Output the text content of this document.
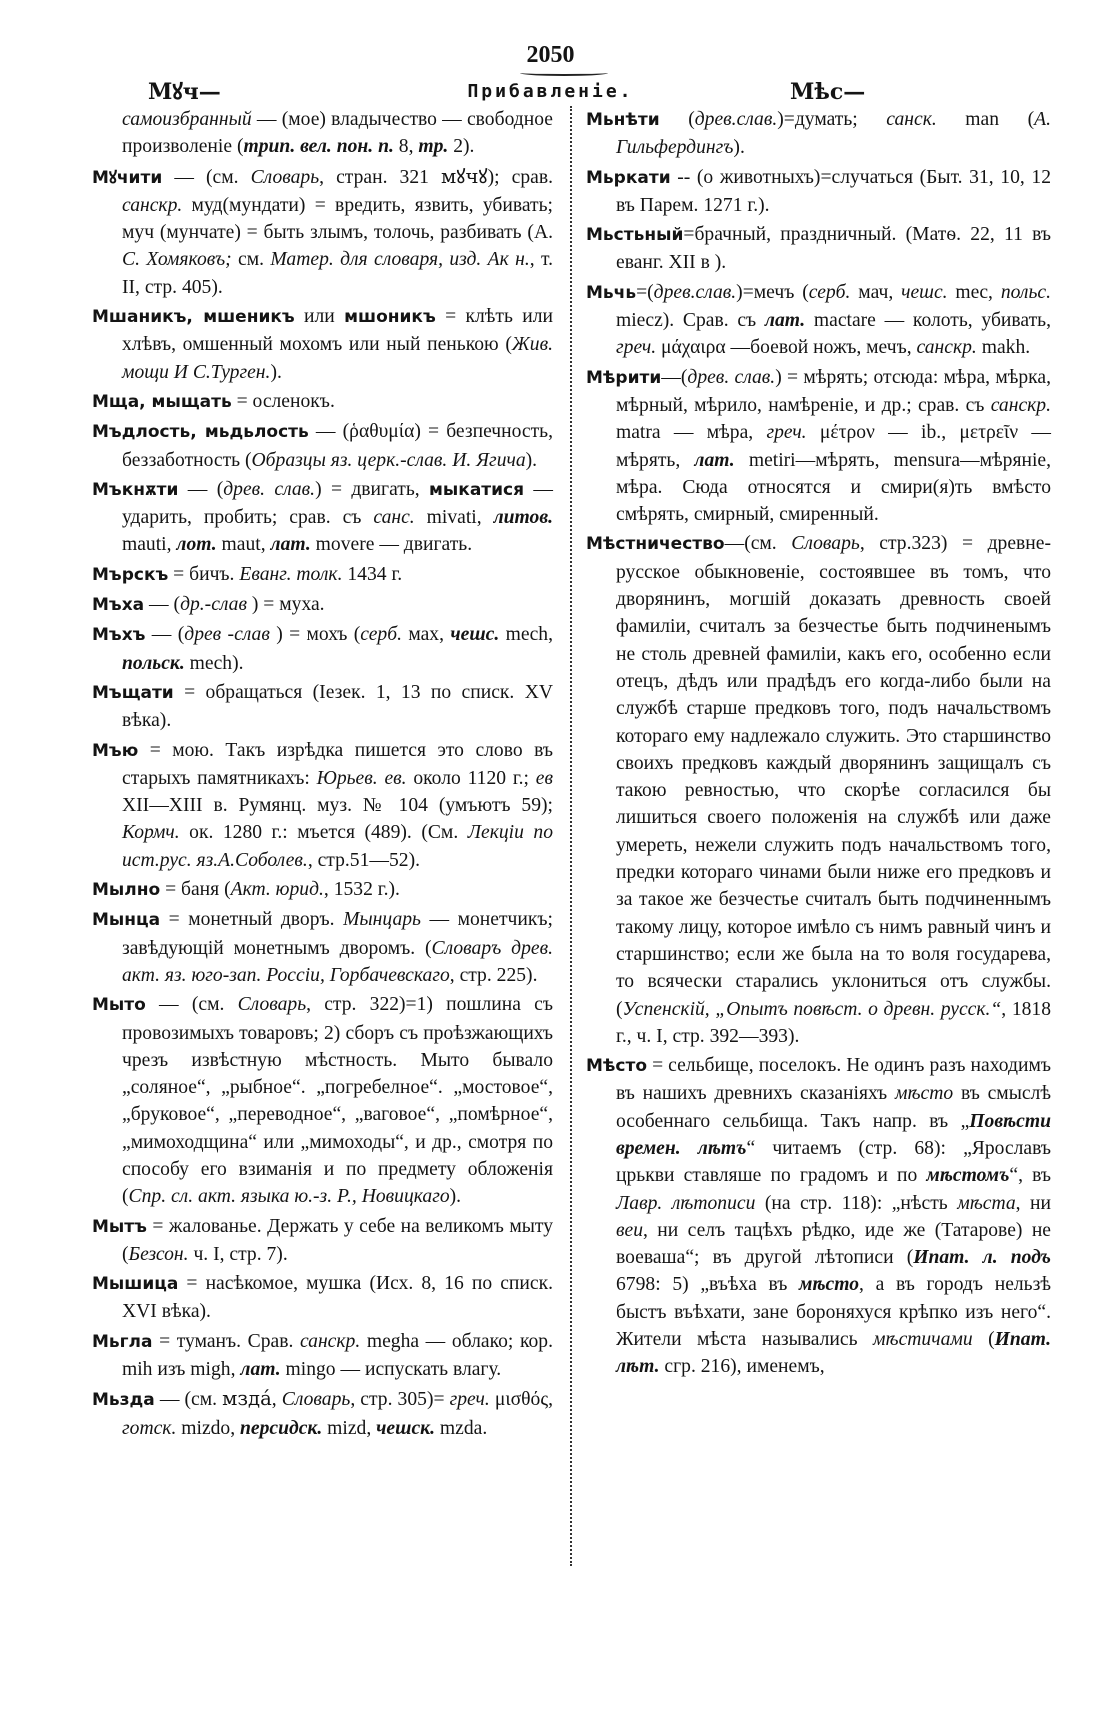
2050
Мꙋч—	Прибавленіе.	Мѣс—

самоизбранный — (мое) владычество — свободное произволеніе (трип. вел. пон. п. 8, тр. 2).

Мꙋчити — (см. Словарь, стран. 321 мꙋчꙋ); срав. санскр. муд(мундати) = вредить, язвить, убивать; муч (мунчате) = быть злымъ, толочь, разбивать (А. С. Хомяковъ; см. Матер. для словаря, изд. Ак н., т. II, стр. 405).

Мшаникъ, мшеникъ или мшоникъ = клѣть или хлѣвъ, омшенный мохомъ или ный пенькою (Жив. мощи И С.Тургeн.).

Мщa, мыщать = осленокъ.

Мъдлость, мьдьлость — (ῥαθυμία) = безпечность, беззаботность (Образцы яз. церк.-слав. И. Ягича).

Мъкнѫти — (древ. слав.) = двигать, мыкатися — ударить, пробить; срав. съ санс. mivati, литов. mauti, лот. maut, лат. movere — двигать.

Мърскъ = бичъ. Еванг. толк. 1434 г.

Мъха — (др.-слав ) = муха.

Мъхъ — (древ -слав ) = мохъ (серб. мах, чешс. mech, польск. mech).

Мъщати = обращаться (Іезек. 1, 13 по списк. XV вѣка).

Мъю = мою. Такъ изрѣдка пишется это слово въ старыхъ памятникахъ: Юрьев. ев. около 1120 г.; ев XII—XIII в. Румянц. муз. № 104 (умъютъ 59); Кормч. ок. 1280 г.: мъется (489). (См. Лекціи по ист.рус. яз.А.Соболев., стр.51—52).

Мылно = баня (Акт. юрид., 1532 г.).

Мынца = монетный дворъ. Мынцарь — монетчикъ; завѣдующій монетнымъ дворомъ. (Словаръ древ. акт. яз. юго-зап. Россіи, Горбачевскаго, стр. 225).

Мыто — (см. Словарь, стр. 322)=1) пошлина съ провозимыхъ товаровъ; 2) сборъ съ проѣзжающихъ чрезъ извѣстную мѣстность. Мыто бывало „соляное“, „рыбное“. „погребелное“. „мостовое“, „бруковое“, „переводное“, „ваговое“, „помѣрное“, „мимоходщина“ или „мимоходы“, и др., смотря по способу его взиманія и по предмету обложенія (Спр. сл. акт. языка ю.-з. Р., Новицкаго).

Мытъ = жалованье. Держать у себе на великомъ мыту (Безсон. ч. I, стр. 7).

Мышица = насѣкомое, мушка (Исх. 8, 16 по списк. XVI вѣка).

Мьгла = туманъ. Срав. санскр. megha — облако; кор. mih изъ migh, лат. mingo — испускать влагу.

Мьзда — (см. мздá, Словарь, стр. 305)= греч. μισθός, готск. mizdo, персидск. mizd, чешск. mzda.

Мьнѣти (древ.слав.)=думать; санск. man (А. Гильфердингъ).

Мьркати -- (о животныхъ)=случаться (Быт. 31, 10, 12 въ Парем. 1271 г.).

Мьстьный=брачный, праздничный. (Матѳ. 22, 11 въ еванг. XII в ).

Мьчь=(древ.слав.)=мечъ (серб. мач, чешс. mec, польс. miecz). Срав. съ лат. mactare — колоть, убивать, греч. μάχαιρα —боевой ножъ, мечъ, санскр. makh.

Мѣрити—(древ. слав.) = мѣрять; отсюда: мѣра, мѣрка, мѣрный, мѣрило, намѣреніе, и др.; срав. съ санскр. matra — мѣра, греч. μέτρον — ib., μετρεῖν — мѣрять, лат. metiri—мѣрять, mensura—мѣряніе, мѣра. Сюда относятся и смири(я)ть вмѣсто смѣрять, смирный, смиренный.

Мѣстничество—(см. Словарь, стр.323) = древне-русское обыкновеніе, состоявшее въ томъ, что дворянинъ, могшій доказать древность своей фамиліи, считалъ за безчестье быть подчиненымъ не столь древней фамиліи, какъ его, особенно если отецъ, дѣдъ или прадѣдъ его когда-либо были на службѣ старше предковъ того, подъ начальствомъ котораго ему надлежало служить. Это старшинство своихъ предковъ каждый дворянинъ защищалъ съ такою ревностью, что скорѣе согласился бы лишиться своего положенія на службѣ или даже умереть, нежели служить подъ начальствомъ того, предки котораго чинами были ниже его предковъ и за такое же безчестье считалъ быть подчиненнымъ такому лицу, которое имѣло съ нимъ равный чинъ и старшинство; если же была на то воля государева, то всячески старались уклониться отъ службы. (Успенскій, „Опытъ повѣст. о древн. русск.“, 1818 г., ч. I, стр. 392—393).

Мѣсто = сельбище, поселокъ. Не одинъ разъ находимъ въ нашихъ древнихъ сказаніяхъ мѣсто въ смыслѣ особеннаго сельбища. Такъ напр. въ „Повѣсти времен. лѣтъ“ читаемъ (стр. 68): „Ярославъ црькви ставляше по градомъ и по мѣстомъ“, въ Лавр. лѣтописи (на стр. 118): „нѣсть мѣста, ни веи, ни селъ тацѣхъ рѣдко, иде же (Татарове) не воеваша“; въ другой лѣтописи (Ипат. л. подъ 6798: 5) „въѣха въ мѣсто, а въ городъ нельзѣ быстъ въѣхати, зане бороняхуся крѣпко изъ него“. Жители мѣста назывались мѣстичами (Ипат. лѣт. сгр. 216), именемъ,
